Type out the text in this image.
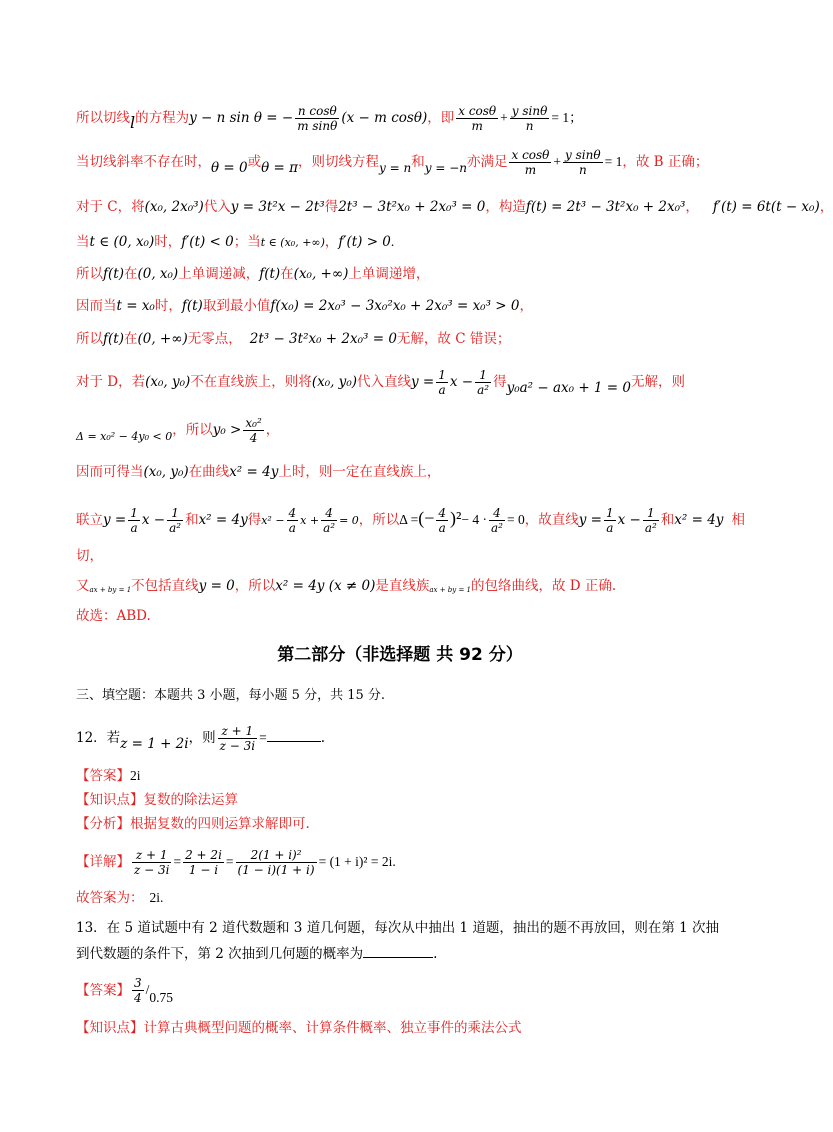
所以切线l的方程为y − n sin θ = − $\frac{\text{n cosθ}}{\text{m sinθ}} (x - m$ cosθ)，即 $\frac{\text{x cosθ}}{m} + \frac{\text{y sinθ}}{n} = 1$；
当切线斜率不存在时，θ = 0或θ = π，则切线方程y = n和y = −n亦满足 $\frac{\text{x cosθ}}{m} + \frac{\text{y sinθ}}{n} = 1$，故 B 正确；
对于 C，将(x₀, 2x₀³)代入y = 3t²x − 2t³得2t³ − 3t²x₀ + 2x₀³ = 0，构造f(t) = 2t³ − 3t²x₀ + 2x₀³， f′(t) = 6t(t − x₀)，
当t ∈ (0, x₀)时，f′(t) < 0；当t ∈ (x₀, +∞)，f′(t) > 0.
所以f(t)在(0, x₀)上单调递减，f(t)在(x₀, +∞)上单调递增，
因而当t = x₀时，f(t)取到最小值f(x₀) = 2x₀³ − 3x₀²x₀ + 2x₀³ = x₀³ > 0，
所以f(t)在(0, +∞)无零点， 2t³ − 3t²x₀ + 2x₀³ = 0无解，故 C 错误；
对于 D，若(x₀, y₀)不在直线族上，则将(x₀, y₀)代入直线$y = \frac{1}{a}$ $x - \frac{1}{\text{a²}}$ 得y₀a² − ax₀ + 1 = 0无解，则
$_{\Delta = x_0^2 - 4y_0 < 0}$，所以$y_0 > \frac{\text{x₀²}}{4}$ ，
因而可得当(x₀, y₀)在曲线x² = 4y上时，则一定在直线族上，
联立$y = \frac{1}{a}$ $x - \frac{1}{\text{a²}}$ 和x² = 4y得$x^2 - \frac{4}{a}$ $x + \frac{4}{\text{a²}} = 0$，所以Δ =(− $\frac{4}{a} )^2- 4 \cdot \frac{4}{\text{a²}} = 0$，故直线$y = \frac{1}{a}$ $x - \frac{1}{\text{a²}}$ 和x² = 4y 相
切，
又ax + by = 1不包括直线y = 0，所以x² = 4y (x ≠ 0)是直线族ax + by = 1的包络曲线，故 D 正确.
故选：ABD.
第二部分（非选择题 共 92 分）
三、填空题：本题共 3 小题，每小题 5 分，共 15 分.
12．若z = 1 + 2i，则 $\frac{z + 1}{z - 3i}$ =	.
【答案】2i
【知识点】复数的除法运算
【分析】根据复数的四则运算求解即可.
【详解】 $\frac{z + 1}{z - 3i} = \frac{2 + 2i}{1 - i} = \frac{\text{2(1 + i)²}}{(1 - i)(1 + i)} = (1 + i)^2 = 2i$.
故答案为： 2i.
13．在 5 道试题中有 2 道代数题和 3 道几何题，每次从中抽出 1 道题，抽出的题不再放回，则在第 1 次抽
到代数题的条件下，第 2 次抽到几何题的概率为	.
【答案】 $\frac{3}{4} /0.75$
【知识点】计算古典概型问题的概率、计算条件概率、独立事件的乘法公式
